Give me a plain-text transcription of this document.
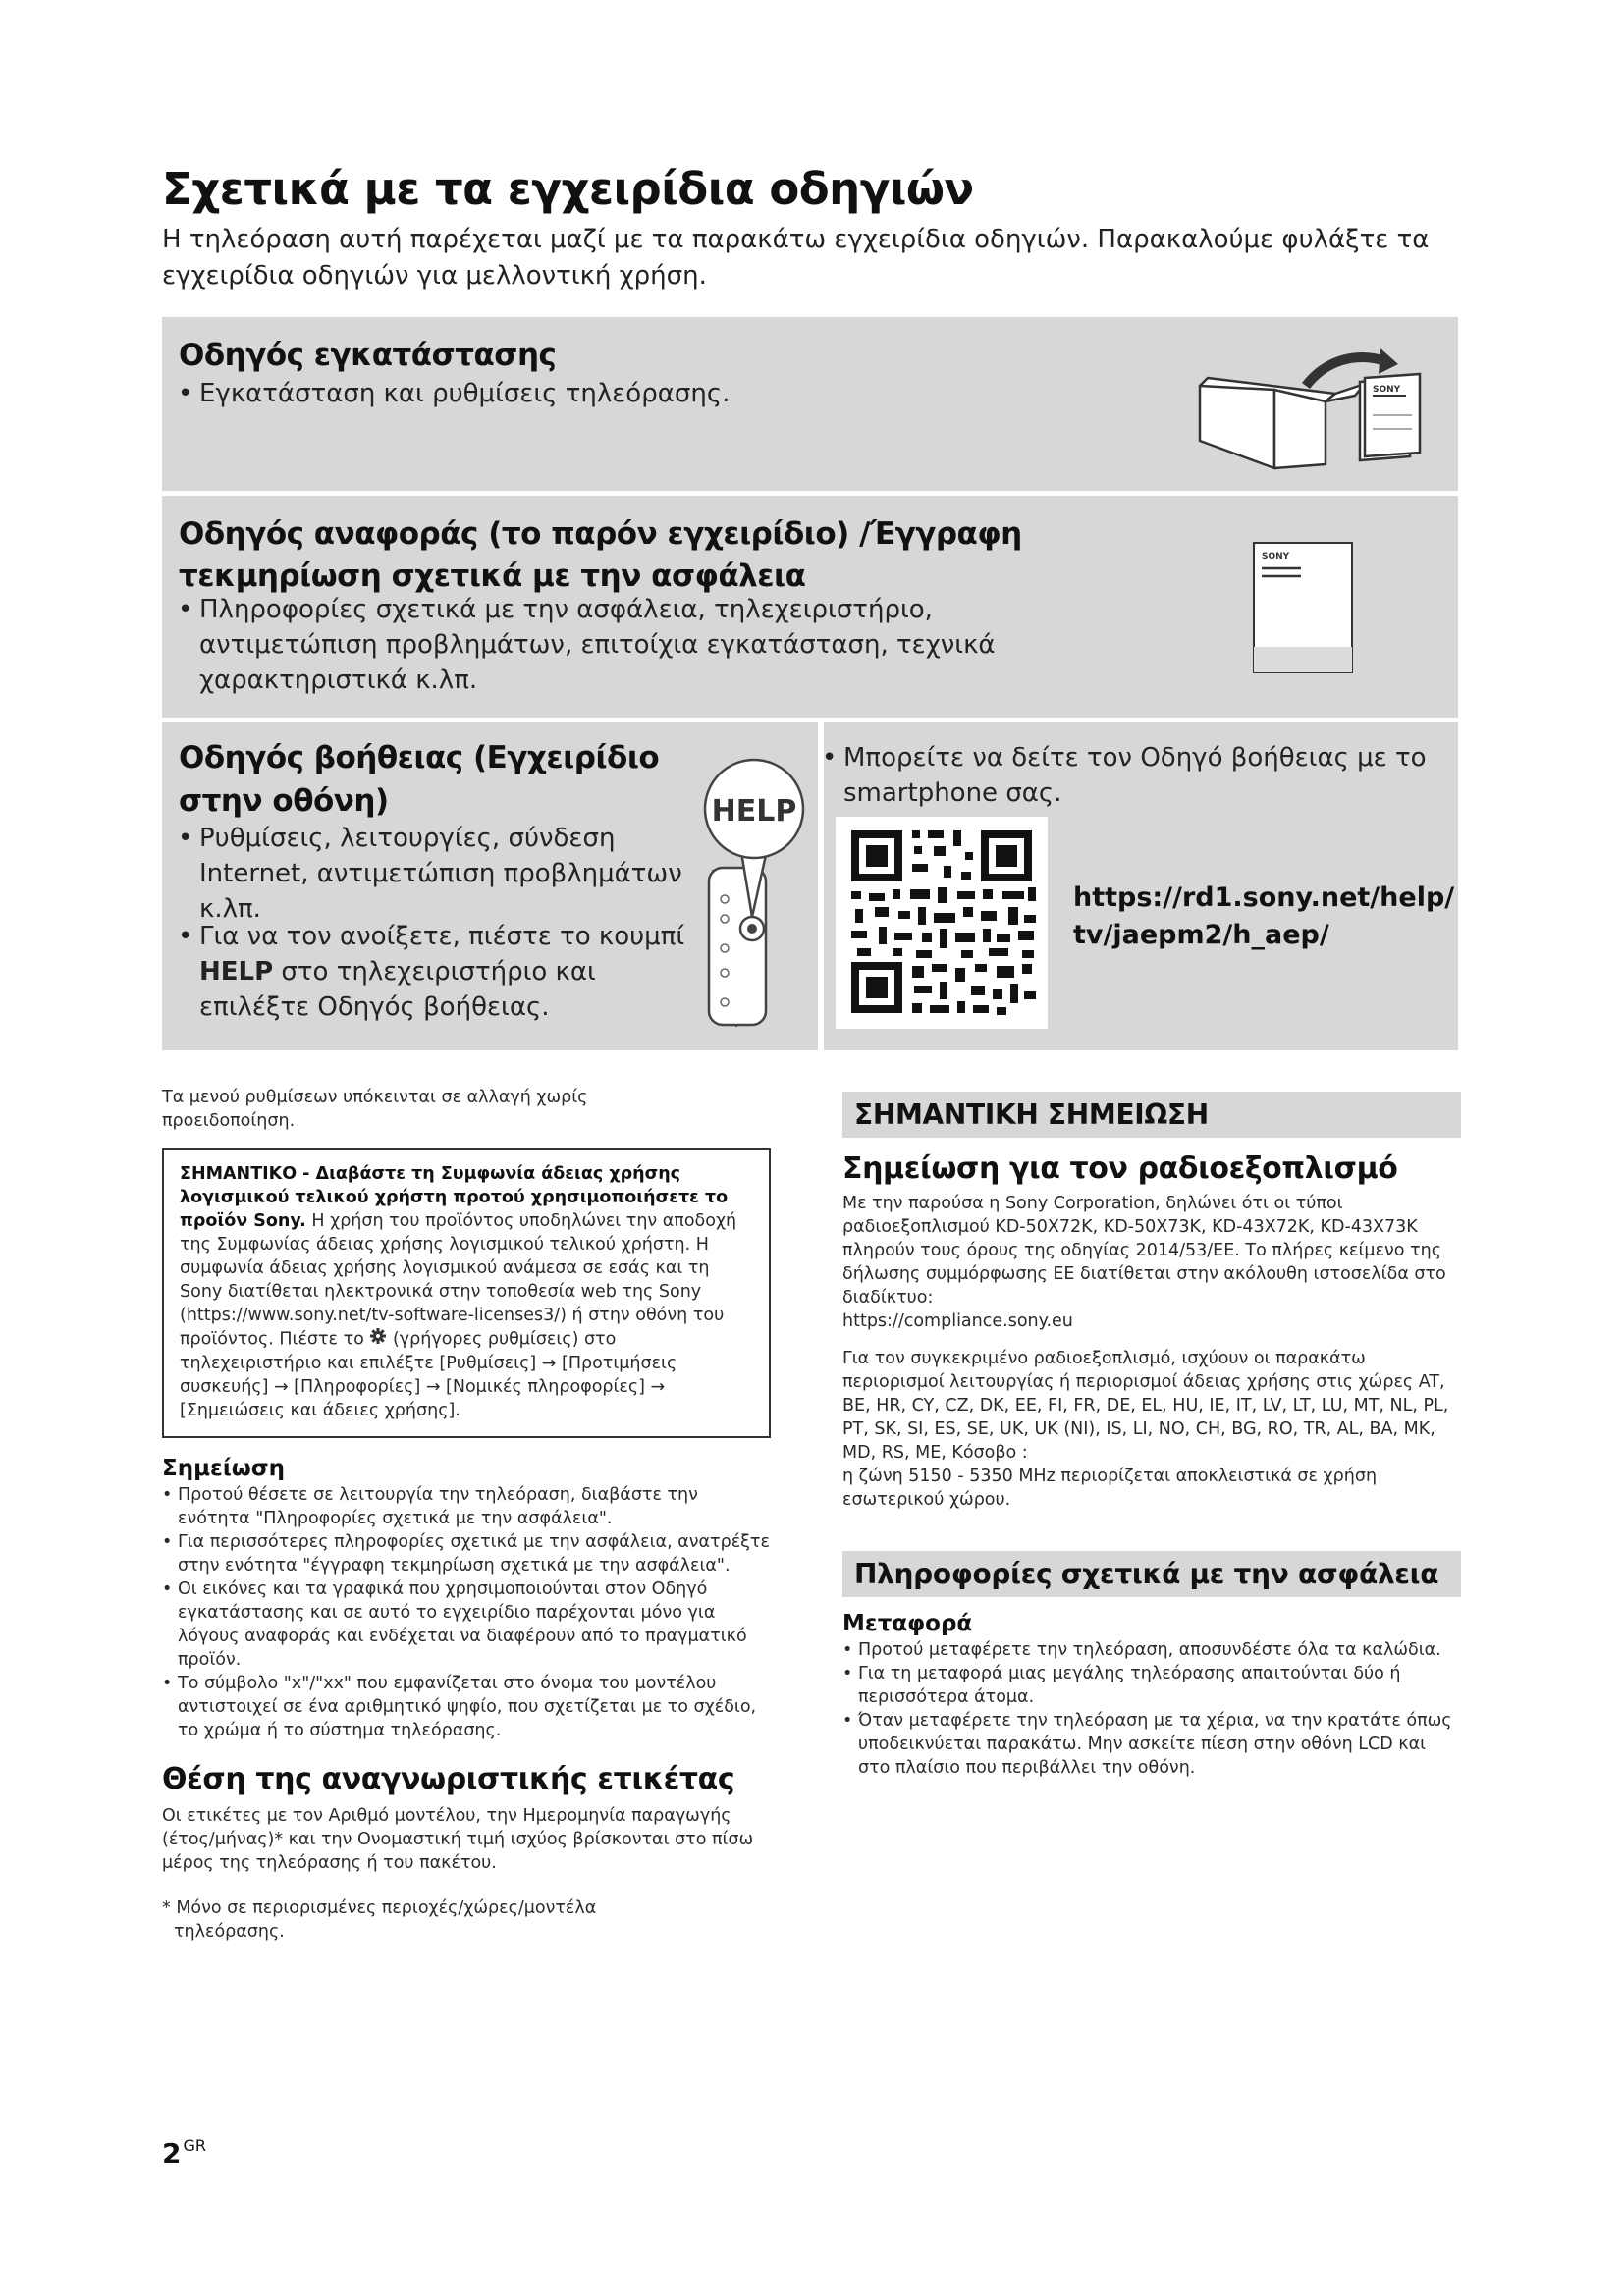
Σχετικά με τα εγχειρίδια οδηγιών

Η τηλεόραση αυτή παρέχεται μαζί με τα παρακάτω εγχειρίδια οδηγιών. Παρακαλούμε φυλάξτε τα εγχειρίδια οδηγιών για μελλοντική χρήση.

Οδηγός εγκατάστασης
• Εγκατάσταση και ρυθμίσεις τηλεόρασης.	SONY
Οδηγός αναφοράς (το παρόν εγχειρίδιο) /Έγγραφη τεκμηρίωση σχετικά με την ασφάλεια
• Πληροφορίες σχετικά με την ασφάλεια, τηλεχειριστήριο, αντιμετώπιση προβλημάτων, επιτοίχια εγκατάσταση, τεχνικά χαρακτηριστικά κ.λπ.
SONY
Οδηγός βοήθειας (Εγχειρίδιο στην οθόνη)
• Ρυθμίσεις, λειτουργίες, σύνδεση Internet, αντιμετώπιση προβλημάτων κ.λπ.
• Για να τον ανοίξετε, πιέστε το κουμπί HELP στο τηλεχειριστήριο και επιλέξτε Οδηγός βοήθειας.
HELP
• Μπορείτε να δείτε τον Οδηγό βοήθειας με το smartphone σας.
https://rd1.sony.net/help/
tv/jaepm2/h_aep/

Τα μενού ρυθμίσεων υπόκεινται σε αλλαγή χωρίς προειδοποίηση.

ΣΗΜΑΝΤΙΚΟ - Διαβάστε τη Συμφωνία άδειας χρήσης λογισμικού τελικού χρήστη προτού χρησιμοποιήσετε το προϊόν Sony. Η χρήση του προϊόντος υποδηλώνει την αποδοχή της Συμφωνίας άδειας χρήσης λογισμικού τελικού χρήστη. Η συμφωνία άδειας χρήσης λογισμικού ανάμεσα σε εσάς και τη Sony διατίθεται ηλεκτρονικά στην τοποθεσία web της Sony (https://www.sony.net/tv-software-licenses3/) ή στην οθόνη του προϊόντος. Πιέστε το (γρήγορες ρυθμίσεις) στο τηλεχειριστήριο και επιλέξτε [Ρυθμίσεις] → [Προτιμήσεις συσκευής] → [Πληροφορίες] → [Νομικές πληροφορίες] → [Σημειώσεις και άδειες χρήσης].

Σημείωση
• Προτού θέσετε σε λειτουργία την τηλεόραση, διαβάστε την ενότητα "Πληροφορίες σχετικά με την ασφάλεια".
• Για περισσότερες πληροφορίες σχετικά με την ασφάλεια, ανατρέξτε στην ενότητα "έγγραφη τεκμηρίωση σχετικά με την ασφάλεια".
• Οι εικόνες και τα γραφικά που χρησιμοποιούνται στον Οδηγό εγκατάστασης και σε αυτό το εγχειρίδιο παρέχονται μόνο για λόγους αναφοράς και ενδέχεται να διαφέρουν από το πραγματικό προϊόν.
• Το σύμβολο "x"/"xx" που εμφανίζεται στο όνομα του μοντέλου αντιστοιχεί σε ένα αριθμητικό ψηφίο, που σχετίζεται με το σχέδιο, το χρώμα ή το σύστημα τηλεόρασης.
Θέση της αναγνωριστικής ετικέτας

Οι ετικέτες με τον Αριθμό μοντέλου, την Ημερομηνία παραγωγής (έτος/μήνας)* και την Ονομαστική τιμή ισχύος βρίσκονται στο πίσω μέρος της τηλεόρασης ή του πακέτου.

* Μόνο σε περιορισμένες περιοχές/χώρες/μοντέλα τηλεόρασης.

ΣΗΜΑΝΤΙΚΗ ΣΗΜΕΙΩΣΗ
Σημείωση για τον ραδιοεξοπλισμό

Με την παρούσα η Sony Corporation, δηλώνει ότι οι τύποι ραδιοεξοπλισμού KD-50X72K, KD-50X73K, KD-43X72K, KD-43X73K πληρούν τους όρους της οδηγίας 2014/53/ΕΕ. Το πλήρες κείμενο της δήλωσης συμμόρφωσης ΕΕ διατίθεται στην ακόλουθη ιστοσελίδα στο διαδίκτυο:

https://compliance.sony.eu

Για τον συγκεκριμένο ραδιοεξοπλισμό, ισχύουν οι παρακάτω περιορισμοί λειτουργίας ή περιορισμοί άδειας χρήσης στις χώρες AT, BE, HR, CY, CZ, DK, EE, FI, FR, DE, EL, HU, IE, IT, LV, LT, LU, MT, NL, PL, PT, SK, SI, ES, SE, UK, UK (NI), IS, LI, NO, CH, BG, RO, TR, AL, BA, MK, MD, RS, ME, Κόσοβο :

η ζώνη 5150 - 5350 MHz περιορίζεται αποκλειστικά σε χρήση εσωτερικού χώρου.

Πληροφορίες σχετικά με την ασφάλεια
Μεταφορά
• Προτού μεταφέρετε την τηλεόραση, αποσυνδέστε όλα τα καλώδια.
• Για τη μεταφορά μιας μεγάλης τηλεόρασης απαιτούνται δύο ή περισσότερα άτομα.
• Όταν μεταφέρετε την τηλεόραση με τα χέρια, να την κρατάτε όπως υποδεικνύεται παρακάτω. Μην ασκείτε πίεση στην οθόνη LCD και στο πλαίσιο που περιβάλλει την οθόνη.
2 $^{GR}$
